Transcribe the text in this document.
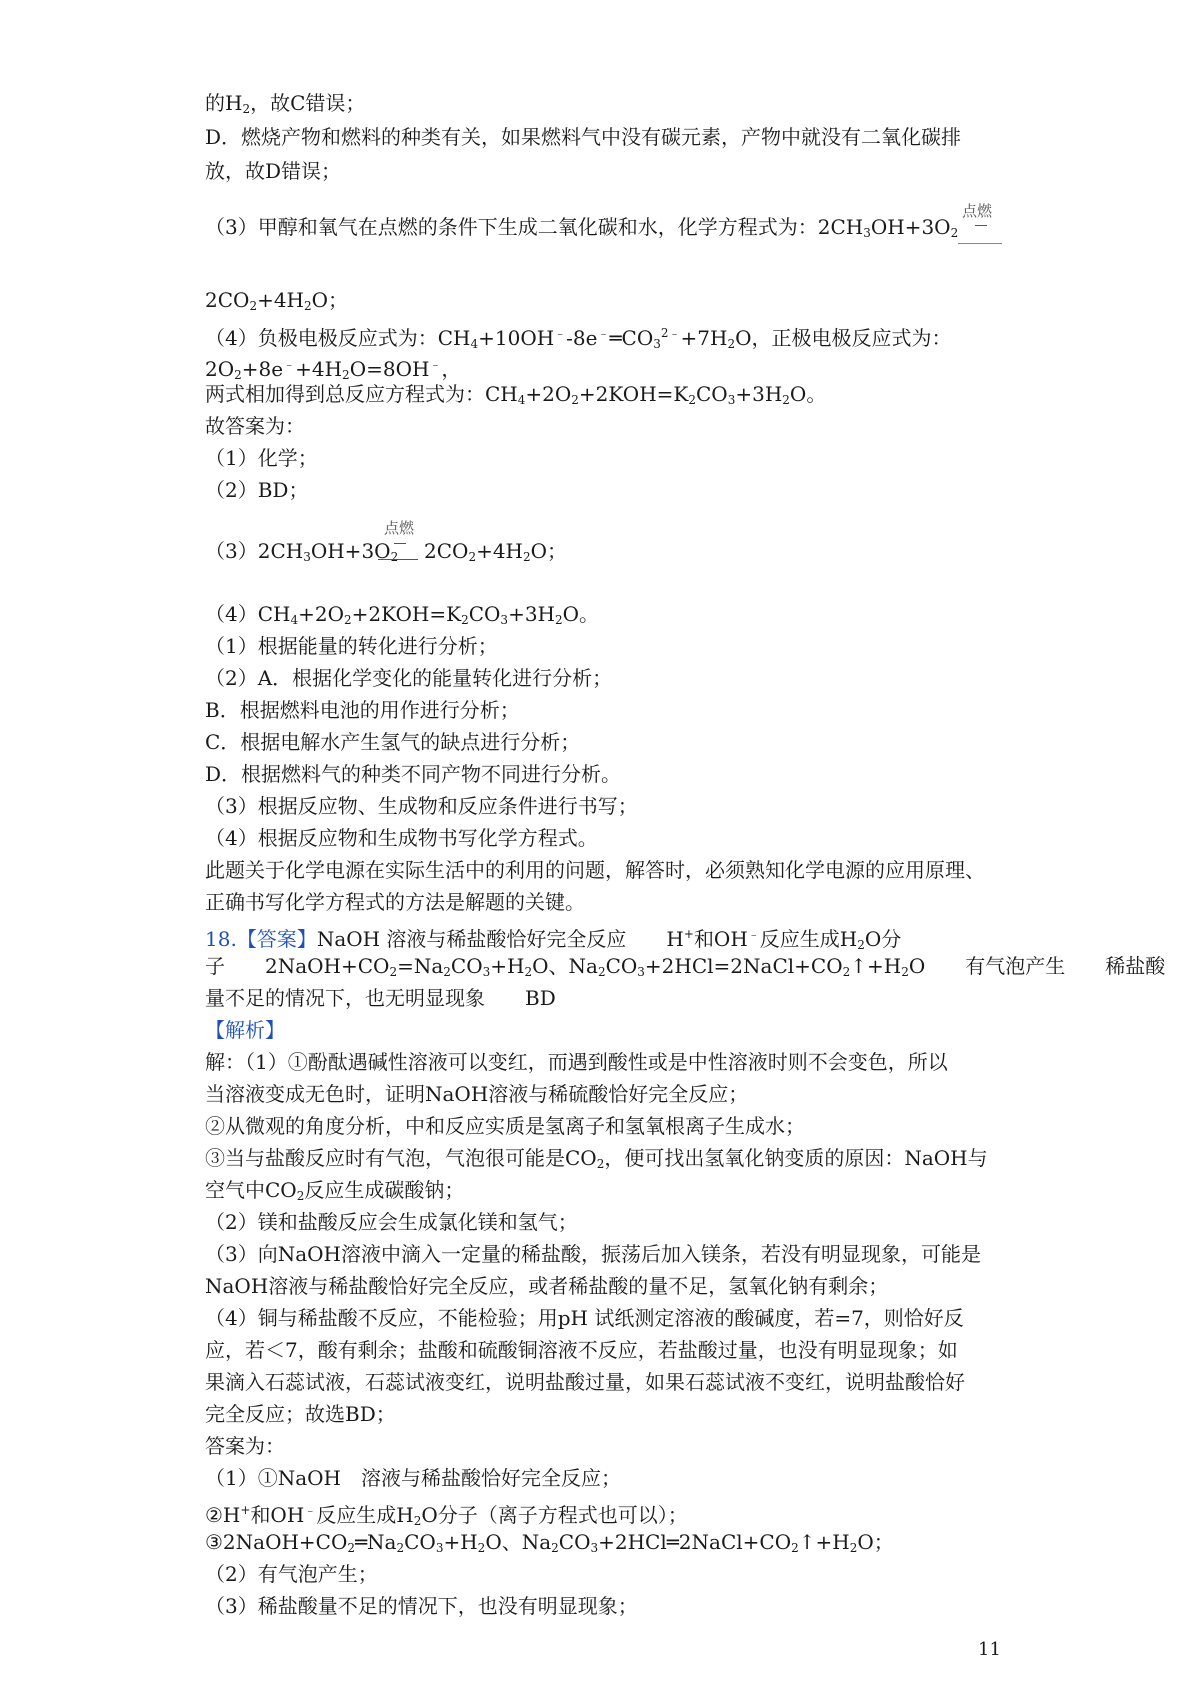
的$H_2$，故C错误；
D．燃烧产物和燃料的种类有关，如果燃料气中没有碳元素，产物中就没有二氧化碳排
放，故D错误；
（3）甲醇和氧气在点燃的条件下生成二氧化碳和水，化学方程式为：$2CH_3OH+3O_2$
点燃
$2CO_2+4H_2O$；
（4）负极电极反应式为：$CH_4+10OH^﹣-8e^﹣═CO_3^{2﹣}+7H_2O$，正极电极反应式为：
$2O_2+8e^﹣+4H_2O=8OH^﹣$，
两式相加得到总反应方程式为：$CH_4+2O_2+2KOH=K_2CO_3+3H_2O$。
故答案为：
（1）化学；
（2）BD；
$(3)2CH_3OH+3O_2$
点燃
$2CO_2+4H_2O$；
$(4)CH_4+2O_2+2KOH=K_2CO_3+3H_2O$。
（1）根据能量的转化进行分析；
（2）A．根据化学变化的能量转化进行分析；
B．根据燃料电池的用作进行分析；
C．根据电解水产生氢气的缺点进行分析；
D．根据燃料气的种类不同产物不同进行分析。
（3）根据反应物、生成物和反应条件进行书写；
（4）根据反应物和生成物书写化学方程式。
此题关于化学电源在实际生活中的利用的问题，解答时，必须熟知化学电源的应用原理、
正确书写化学方程式的方法是解题的关键。
18.【答案】NaOH 溶液与稀盐酸恰好完全反应　　H+和OH﹣反应生成$H_2O$分
子　　$2NaOH+CO_2=Na_2CO_3+H_2O$、$Na_2CO_3+2HCl=2NaCl+CO_2↑+H_2O$　　有气泡产生　　稀盐酸
量不足的情况下，也无明显现象　　BD
【解析】
解：（1）①酚酞遇碱性溶液可以变红，而遇到酸性或是中性溶液时则不会变色，所以
当溶液变成无色时，证明NaOH溶液与稀硫酸恰好完全反应；
②从微观的角度分析，中和反应实质是氢离子和氢氧根离子生成水；
③当与盐酸反应时有气泡，气泡很可能是$CO_2$，便可找出氢氧化钠变质的原因：NaOH与
空气中$CO_2$反应生成碳酸钠；
（2）镁和盐酸反应会生成氯化镁和氢气；
（3）向NaOH溶液中滴入一定量的稀盐酸，振荡后加入镁条，若没有明显现象，可能是
NaOH溶液与稀盐酸恰好完全反应，或者稀盐酸的量不足，氢氧化钠有剩余；
（4）铜与稀盐酸不反应，不能检验；用pH 试纸测定溶液的酸碱度，若=7，则恰好反
应，若＜7，酸有剩余；盐酸和硫酸铜溶液不反应，若盐酸过量，也没有明显现象；如
果滴入石蕊试液，石蕊试液变红，说明盐酸过量，如果石蕊试液不变红，说明盐酸恰好
完全反应；故选BD；
答案为：
（1）①NaOH　溶液与稀盐酸恰好完全反应；
②H+和OH﹣反应生成$H_2O$分子（离子方程式也可以）；
$③2NaOH+CO_2═Na_2CO_3+H_2O$、$Na_2CO_3+2HCl═2NaCl+CO_2↑+H_2O$；
（2）有气泡产生；
（3）稀盐酸量不足的情况下，也没有明显现象；
11
